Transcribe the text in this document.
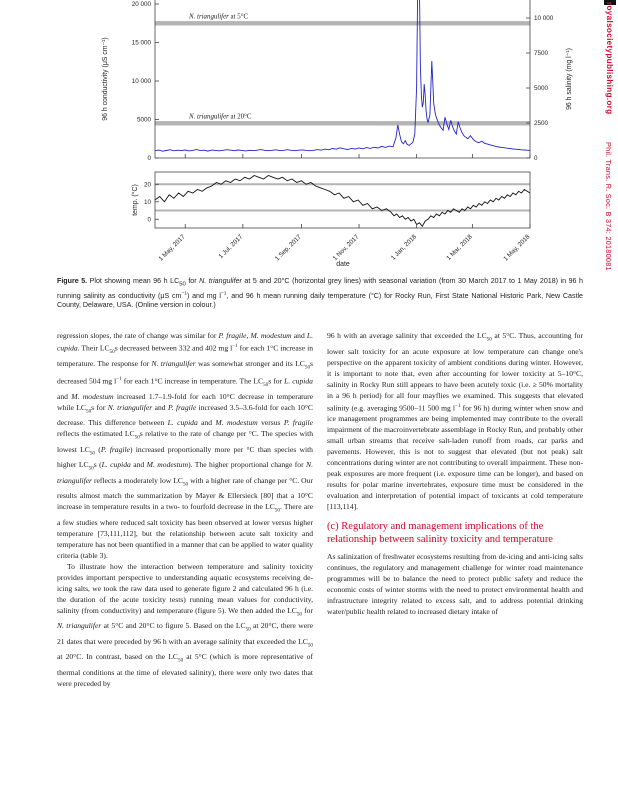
N. triangulifer at 5°C
N. triangulifer at 20°C
20 000
15 000
10 000
5000
0
10 000
7500
5000
2500
0
20
10
0
1 May, 2017	1 Jul, 2017	1 Sep, 2017	1 Nov, 2017	1 Jan, 2018	1 Mar, 2018	1 May, 2018
96 h conductivity (μS cm⁻¹)	96 h salinity (mg l⁻¹)
temp. (°C)
date
royalsocietypublishing.org
Phil. Trans. R. Soc. B 374: 20180081
Figure 5. Plot showing mean 96 h $LC_{50}$ for N. triangulifer at 5 and 20°C (horizontal grey lines) with seasonal variation (from 30 March 2017 to 1 May 2018) in 96 h running salinity as conductivity (μS $cm^{-1}$) and mg $l^{-1}$, and 96 h mean running daily temperature (°C) for Rocky Run, First State National Historic Park, New Castle County, Delaware, USA. (Online version in colour.)

regression slopes, the rate of change was similar for P. fragile, M. modestum and L. cupida. Their $LC_{50}s$ decreased between 332 and 402 mg $l^{-1}$ for each 1°C increase in temperature. The response for N. triangulifer was somewhat stronger and its $LC_{50}s$ decreased 504 mg $l^{-1}$ for each 1°C increase in temperature. The $LC_{50}s$ for L. cupida and M. modestum increased 1.7–1.9-fold for each 10°C decrease in temperature while $LC_{50}s$ for N. triangulifer and P. fragile increased 3.5–3.6-fold for each 10°C decrease. This difference between L. cupida and M. modestum versus P. fragile reflects the estimated $LC_{50}s$ relative to the rate of change per °C. The species with lowest $LC_{50}$ (P. fragile) increased proportionally more per °C than species with higher $LC_{50}s$ (L. cupida and M. modestum). The higher proportional change for N. triangulifer reflects a moderately low $LC_{50}$ with a higher rate of change per °C. Our results almost match the summarization by Mayer & Ellersieck [80] that a 10°C increase in temperature results in a two- to fourfold decrease in the $LC_{50}$. There are a few studies where reduced salt toxicity has been observed at lower versus higher temperature [73,111,112], but the relationship between acute salt toxicity and temperature has not been quantified in a manner that can be applied to water quality criteria (table 3).

To illustrate how the interaction between temperature and salinity toxicity provides important perspective to understanding aquatic ecosystems receiving de-icing salts, we took the raw data used to generate figure 2 and calculated 96 h (i.e. the duration of the acute toxicity tests) running mean values for conductivity, salinity (from conductivity) and temperature (figure 5). We then added the $LC_{50}$ for N. triangulifer at 5°C and 20°C to figure 5. Based on the $LC_{50}$ at 20°C, there were 21 dates that were preceded by 96 h with an average salinity that exceeded the $LC_{50}$ at 20°C. In contrast, based on the $LC_{50}$ at 5°C (which is more representative of thermal conditions at the time of elevated salinity), there were only two dates that were preceded by

96 h with an average salinity that exceeded the $LC_{50}$ at 5°C. Thus, accounting for lower salt toxicity for an acute exposure at low temperature can change one's perspective on the apparent toxicity of ambient conditions during winter. However, it is important to note that, even after accounting for lower toxicity at 5–10°C, salinity in Rocky Run still appears to have been acutely toxic (i.e. ≥ 50% mortality in a 96 h period) for all four mayflies we examined. This suggests that elevated salinity (e.g. averaging 9500–11 500 mg $l^{-1}$ for 96 h) during winter when snow and ice management programmes are being implemented may contribute to the overall impairment of the macroinvertebrate assemblage in Rocky Run, and probably other small urban streams that receive salt-laden runoff from roads, car parks and pavements. However, this is not to suggest that elevated (but not peak) salt concentrations during winter are not contributing to overall impairment. These non-peak exposures are more frequent (i.e. exposure time can be longer), and based on results for polar marine invertebrates, exposure time must be considered in the evaluation and interpretation of potential impact of toxicants at cold temperature [113,114].

(c) Regulatory and management implications of the relationship between salinity toxicity and temperature

As salinization of freshwater ecosystems resulting from de-icing and anti-icing salts continues, the regulatory and management challenge for winter road maintenance programmes will be to balance the need to protect public safety and reduce the economic costs of winter storms with the need to protect environmental health and infrastructure integrity related to excess salt, and to address potential drinking water/public health related to increased dietary intake of
